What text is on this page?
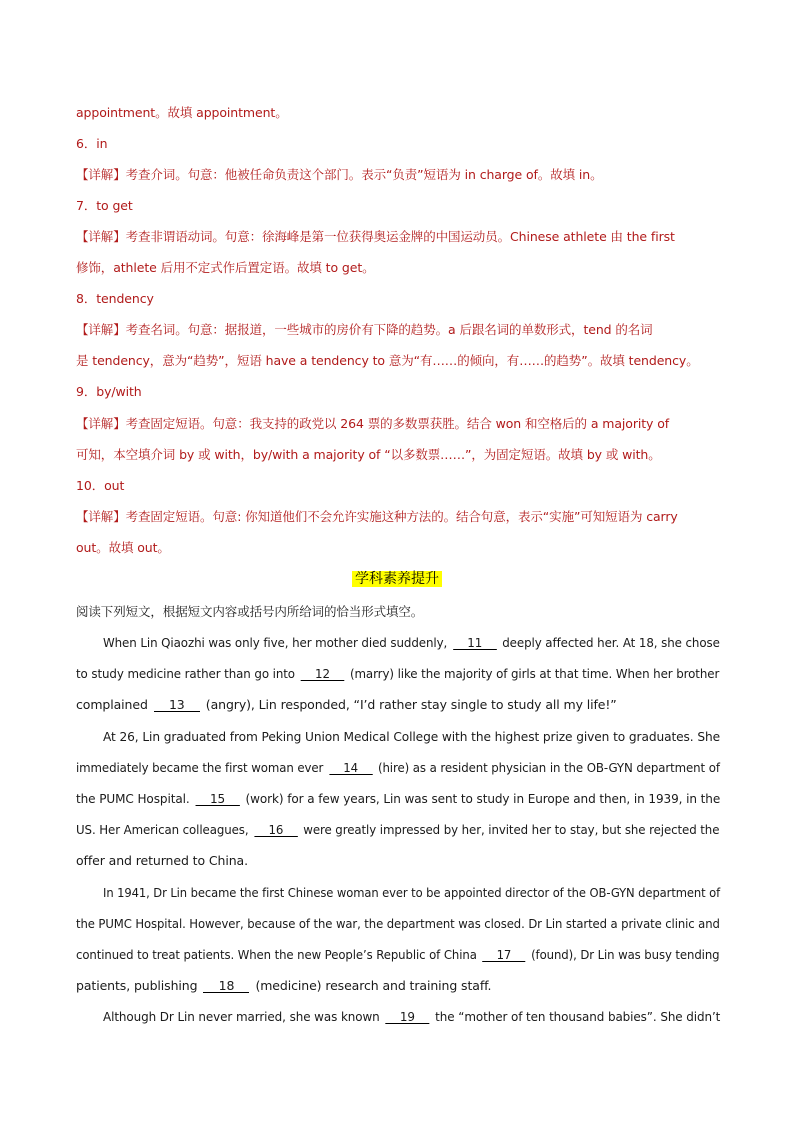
appointment。故填 appointment。
6．in
【详解】考查介词。句意：他被任命负责这个部门。表示“负责”短语为 in charge of。故填 in。
7．to get
【详解】考查非谓语动词。句意：徐海峰是第一位获得奥运金牌的中国运动员。Chinese athlete 由 the first
修饰，athlete 后用不定式作后置定语。故填 to get。
8．tendency
【详解】考查名词。句意：据报道，一些城市的房价有下降的趋势。a 后跟名词的单数形式，tend 的名词
是 tendency，意为“趋势”，短语 have a tendency to 意为“有……的倾向，有……的趋势”。故填 tendency。
9．by/with
【详解】考查固定短语。句意：我支持的政党以 264 票的多数票获胜。结合 won 和空格后的 a majority of
可知，本空填介词 by 或 with，by/with a majority of “以多数票……”，为固定短语。故填 by 或 with。
10．out
【详解】考查固定短语。句意: 你知道他们不会允许实施这种方法的。结合句意，表示“实施”可知短语为 carry
out。故填 out。
学科素养提升
阅读下列短文，根据短文内容或括号内所给词的恰当形式填空。
When Lin Qiaozhi was only five, her mother died suddenly, 11 deeply affected her. At 18, she chose
to study medicine rather than go into 12 (marry) like the majority of girls at that time. When her brother
complained 13 (angry), Lin responded, “I’d rather stay single to study all my life!”
At 26, Lin graduated from Peking Union Medical College with the highest prize given to graduates. She
immediately became the first woman ever 14 (hire) as a resident physician in the OB-GYN department of
the PUMC Hospital. 15 (work) for a few years, Lin was sent to study in Europe and then, in 1939, in the
US. Her American colleagues, 16 were greatly impressed by her, invited her to stay, but she rejected the
offer and returned to China.
In 1941, Dr Lin became the first Chinese woman ever to be appointed director of the OB-GYN department of
the PUMC Hospital. However, because of the war, the department was closed. Dr Lin started a private clinic and
continued to treat patients. When the new People’s Republic of China 17 (found), Dr Lin was busy tending
patients, publishing 18 (medicine) research and training staff.
Although Dr Lin never married, she was known 19 the “mother of ten thousand babies”. She didn’t
